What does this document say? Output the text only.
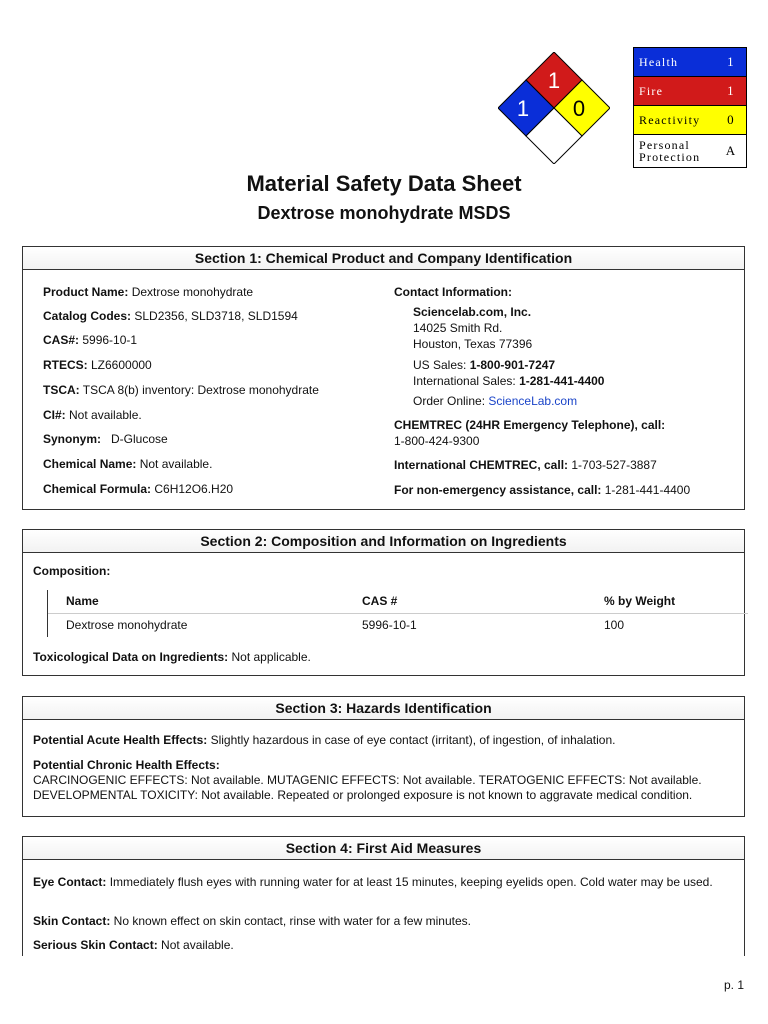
1
1 0
Health	1
Fire	1
Reactivity	0
Personal Protection	A
Material Safety Data Sheet
Dextrose monohydrate MSDS
Section 1: Chemical Product and Company Identification
Product Name: Dextrose monohydrate
Catalog Codes: SLD2356, SLD3718, SLD1594
CAS#: 5996-10-1
RTECS: LZ6600000
TSCA: TSCA 8(b) inventory: Dextrose monohydrate
CI#: Not available.
Synonym:   D-Glucose
Chemical Name: Not available.
Chemical Formula: C6H12O6.H20
Contact Information:
Sciencelab.com, Inc.
14025 Smith Rd.
Houston, Texas 77396
US Sales: 1-800-901-7247
International Sales: 1-281-441-4400
Order Online: ScienceLab.com
CHEMTREC (24HR Emergency Telephone), call:
1-800-424-9300
International CHEMTREC, call: 1-703-527-3887
For non-emergency assistance, call: 1-281-441-4400
Section 2: Composition and Information on Ingredients
Composition:
Name	CAS #	% by Weight
Dextrose monohydrate	5996-10-1	100
Toxicological Data on Ingredients: Not applicable.
Section 3: Hazards Identification
Potential Acute Health Effects: Slightly hazardous in case of eye contact (irritant), of ingestion, of inhalation.
Potential Chronic Health Effects:
CARCINOGENIC EFFECTS: Not available. MUTAGENIC EFFECTS: Not available. TERATOGENIC EFFECTS: Not available. DEVELOPMENTAL TOXICITY: Not available. Repeated or prolonged exposure is not known to aggravate medical condition.
Section 4: First Aid Measures
Eye Contact: Immediately flush eyes with running water for at least 15 minutes, keeping eyelids open. Cold water may be used.
Skin Contact: No known effect on skin contact, rinse with water for a few minutes.
Serious Skin Contact: Not available.
p. 1
